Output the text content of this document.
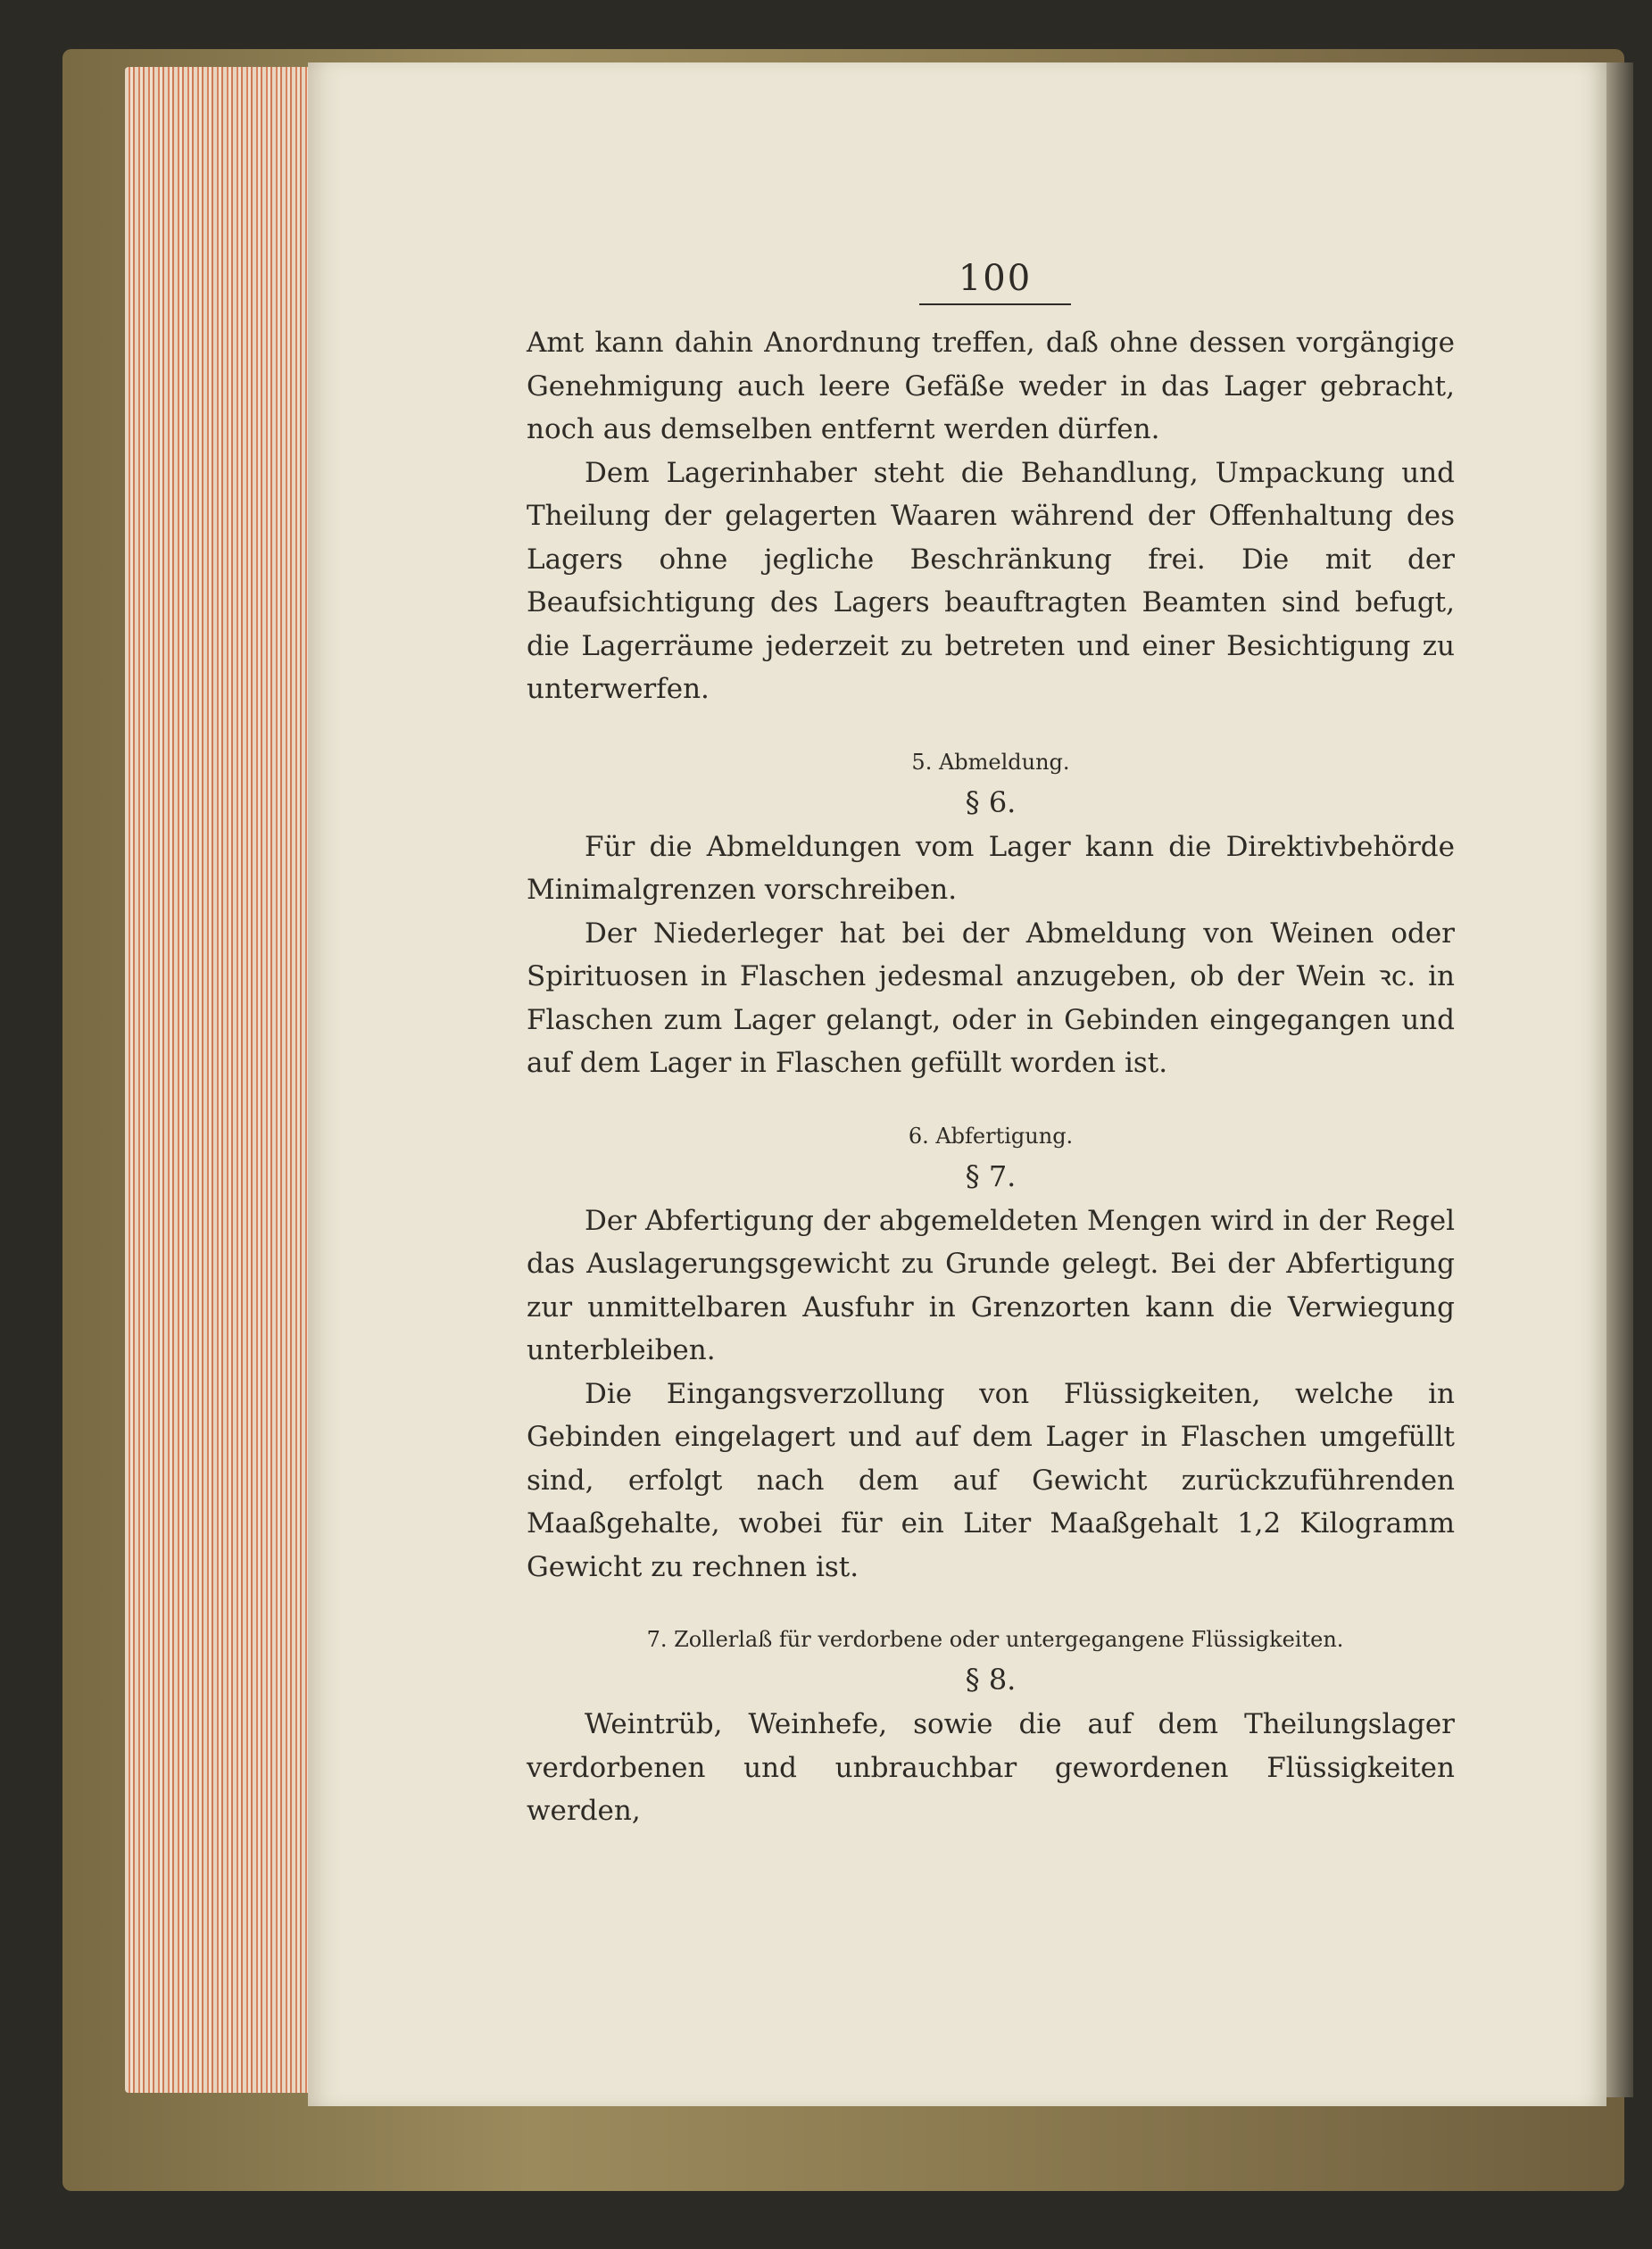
100

Amt kann dahin Anordnung treffen, daß ohne dessen vorgängige Genehmigung auch leere Gefäße weder in das Lager gebracht, noch aus demselben entfernt werden dürfen.

Dem Lagerinhaber steht die Behandlung, Umpackung und Theilung der gelagerten Waaren während der Offenhaltung des Lagers ohne jegliche Beschränkung frei. Die mit der Beaufsichtigung des Lagers beauftragten Beamten sind befugt, die Lagerräume jederzeit zu betreten und einer Besichtigung zu unterwerfen.

5. Abmeldung.
§ 6.

Für die Abmeldungen vom Lager kann die Direktivbehörde Minimalgrenzen vorschreiben.

Der Niederleger hat bei der Abmeldung von Weinen oder Spirituosen in Flaschen jedesmal anzugeben, ob der Wein ꝛc. in Flaschen zum Lager gelangt, oder in Gebinden eingegangen und auf dem Lager in Flaschen gefüllt worden ist.

6. Abfertigung.
§ 7.

Der Abfertigung der abgemeldeten Mengen wird in der Regel das Auslagerungsgewicht zu Grunde gelegt. Bei der Abfertigung zur unmittelbaren Ausfuhr in Grenzorten kann die Verwiegung unterbleiben.

Die Eingangsverzollung von Flüssigkeiten, welche in Gebinden eingelagert und auf dem Lager in Flaschen umgefüllt sind, erfolgt nach dem auf Gewicht zurückzuführenden Maaßgehalte, wobei für ein Liter Maaßgehalt 1,2 Kilogramm Gewicht zu rechnen ist.

7. Zollerlaß für verdorbene oder untergegangene Flüssigkeiten.
§ 8.

Weintrüb, Weinhefe, sowie die auf dem Theilungslager verdorbenen und unbrauchbar gewordenen Flüssigkeiten werden,
